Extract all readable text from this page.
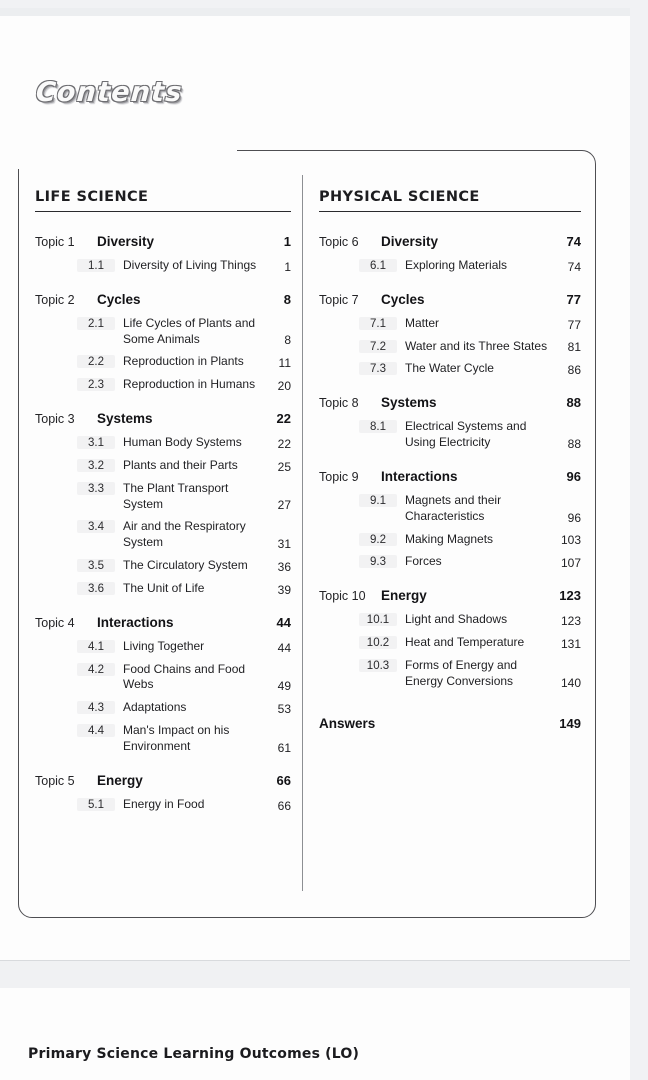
Contents
LIFE SCIENCE
Topic 1	Diversity	1
1.1	Diversity of Living Things	1
Topic 2	Cycles	8
2.1	Life Cycles of Plants and Some Animals	8
2.2	Reproduction in Plants	11
2.3	Reproduction in Humans	20
Topic 3	Systems	22
3.1	Human Body Systems	22
3.2	Plants and their Parts	25
3.3	The Plant Transport System	27
3.4	Air and the Respiratory System	31
3.5	The Circulatory System	36
3.6	The Unit of Life	39
Topic 4	Interactions	44
4.1	Living Together	44
4.2	Food Chains and Food Webs	49
4.3	Adaptations	53
4.4	Man's Impact on his Environment	61
Topic 5	Energy	66
5.1	Energy in Food	66
PHYSICAL SCIENCE
Topic 6	Diversity	74
6.1	Exploring Materials	74
Topic 7	Cycles	77
7.1	Matter	77
7.2	Water and its Three States	81
7.3	The Water Cycle	86
Topic 8	Systems	88
8.1	Electrical Systems and Using Electricity	88
Topic 9	Interactions	96
9.1	Magnets and their Characteristics	96
9.2	Making Magnets	103
9.3	Forces	107
Topic 10	Energy	123
10.1	Light and Shadows	123
10.2	Heat and Temperature	131
10.3	Forms of Energy and Energy Conversions	140
Answers	149
Primary Science Learning Outcomes (LO)
